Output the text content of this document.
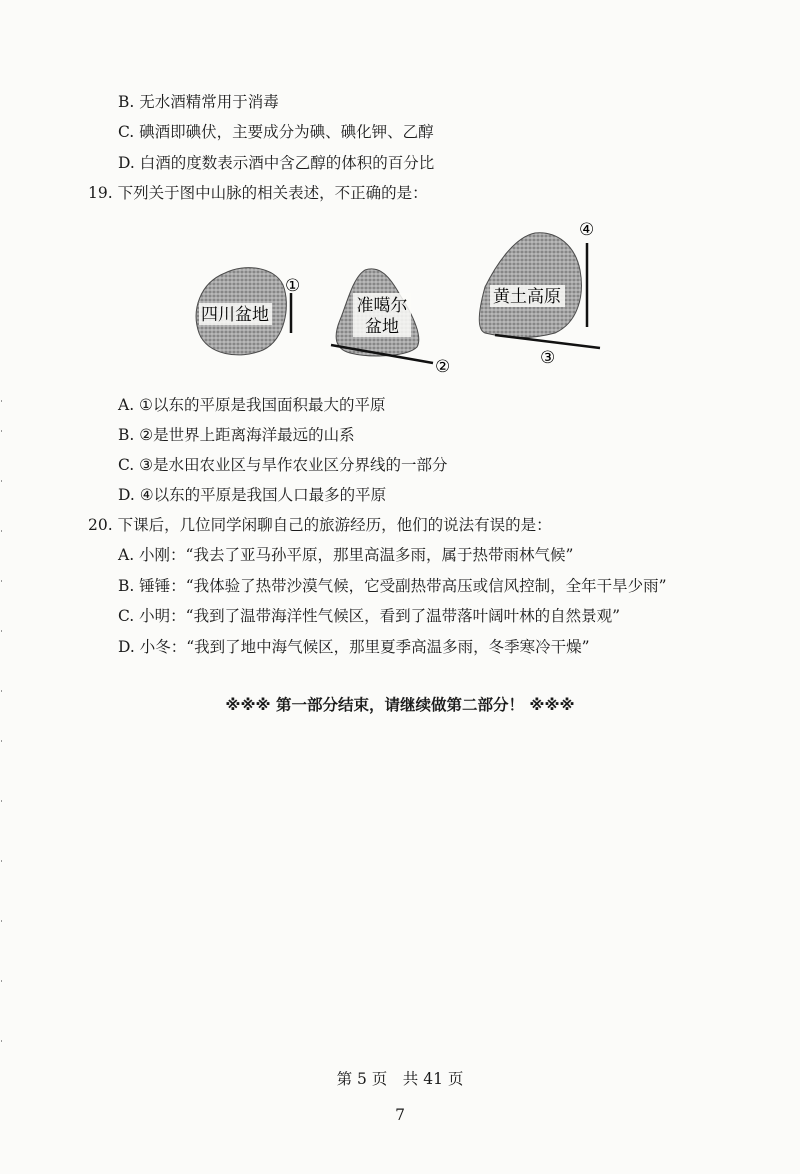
B. 无水酒精常用于消毒
C. 碘酒即碘伏，主要成分为碘、碘化钾、乙醇
D. 白酒的度数表示酒中含乙醇的体积的百分比
19. 下列关于图中山脉的相关表述，不正确的是：
①
四川盆地
②
准噶尔
盆地
④
③
黄土高原
A. ①以东的平原是我国面积最大的平原
B. ②是世界上距离海洋最远的山系
C. ③是水田农业区与旱作农业区分界线的一部分
D. ④以东的平原是我国人口最多的平原
20. 下课后，几位同学闲聊自己的旅游经历，他们的说法有误的是：
A. 小刚：“我去了亚马孙平原，那里高温多雨，属于热带雨林气候”
B. 锤锤：“我体验了热带沙漠气候，它受副热带高压或信风控制，全年干旱少雨”
C. 小明：“我到了温带海洋性气候区，看到了温带落叶阔叶林的自然景观”
D. 小冬：“我到了地中海气候区，那里夏季高温多雨，冬季寒冷干燥”
※※※ 第一部分结束，请继续做第二部分！ ※※※
第 5 页　共 41 页
7
